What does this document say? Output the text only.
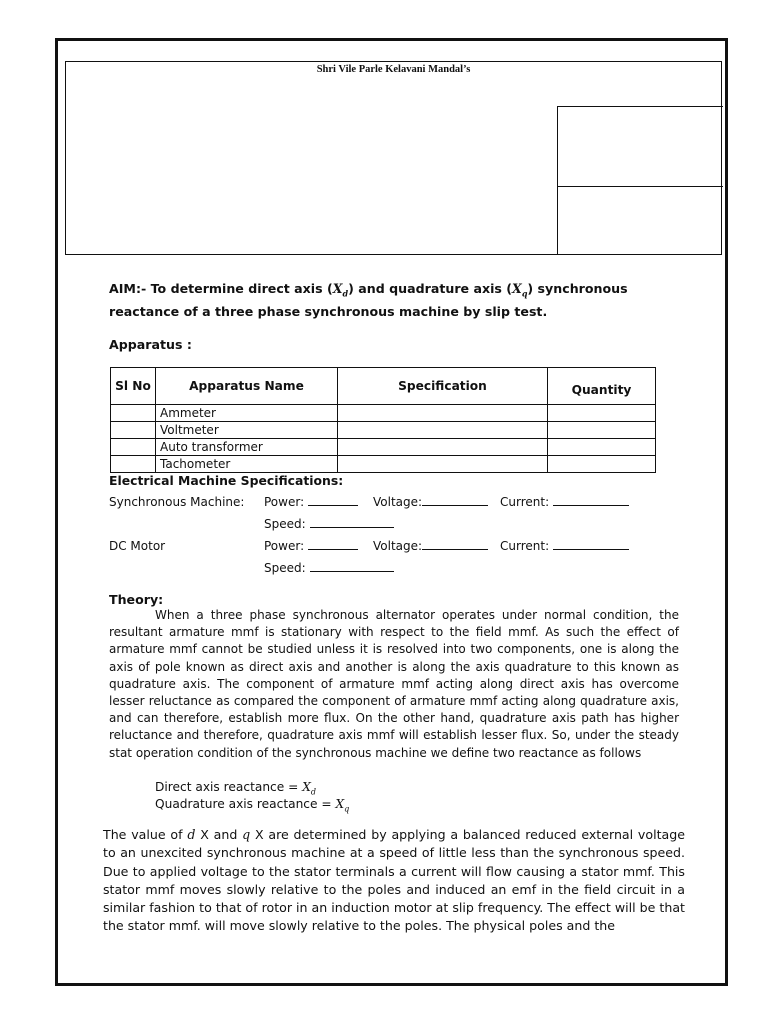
Shri Vile Parle Kelavani Mandal’s
AIM:- To determine direct axis $(X_d)$ and quadrature axis $(X_q)$ synchronous reactance of a three phase synchronous machine by slip test.
Apparatus :
Sl No	Apparatus Name	Specification	Quantity
	Ammeter		
	Voltmeter		
	Auto transformer		
	Tachometer		
Electrical Machine Specifications:
Synchronous Machine: Power:	Voltage:	Current:
Speed:
DC Motor	Power:	Voltage:	Current:
Speed:
Theory:
When a three phase synchronous alternator operates under normal condition, the resultant armature mmf is stationary with respect to the field mmf. As such the effect of armature mmf cannot be studied unless it is resolved into two components, one is along the axis of pole known as direct axis and another is along the axis quadrature to this known as quadrature axis. The component of armature mmf acting along direct axis has overcome lesser reluctance as compared the component of armature mmf acting along quadrature axis, and can therefore, establish more flux. On the other hand, quadrature axis path has higher reluctance and therefore, quadrature axis mmf will establish lesser flux. So, under the steady stat operation condition of the synchronous machine we define two reactance as follows
Direct axis reactance = $X_d$
Quadrature axis reactance = $X_q$
The value of d X and q X are determined by applying a balanced reduced external voltage to an unexcited synchronous machine at a speed of little less than the synchronous speed. Due to applied voltage to the stator terminals a current will flow causing a stator mmf. This stator mmf moves slowly relative to the poles and induced an emf in the field circuit in a similar fashion to that of rotor in an induction motor at slip frequency. The effect will be that the stator mmf. will move slowly relative to the poles. The physical poles and the
